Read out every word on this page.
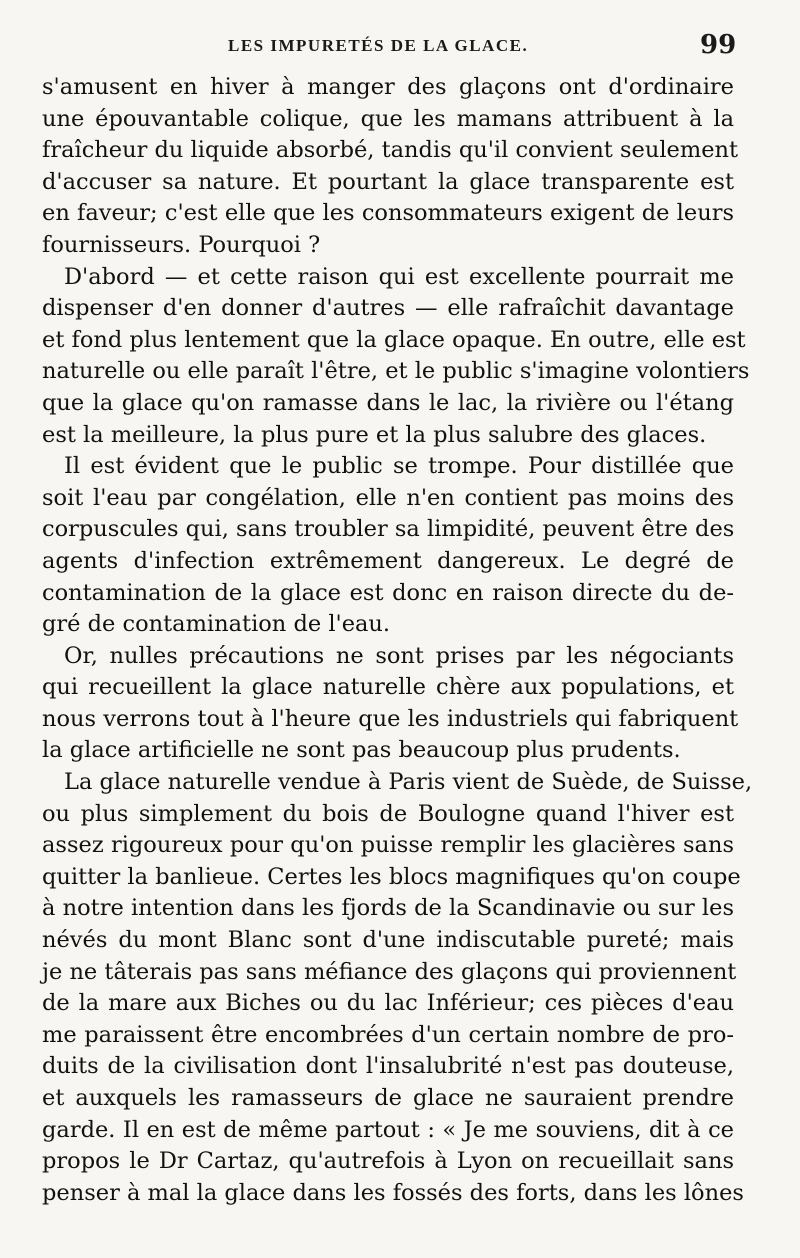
LES IMPURETÉS DE LA GLACE.	99
s'amusent en hiver à manger des glaçons ont d'ordinaire
une épouvantable colique, que les mamans attribuent à la
fraîcheur du liquide absorbé, tandis qu'il convient seulement
d'accuser sa nature. Et pourtant la glace transparente est
en faveur; c'est elle que les consommateurs exigent de leurs
fournisseurs. Pourquoi ?
D'abord — et cette raison qui est excellente pourrait me
dispenser d'en donner d'autres — elle rafraîchit davantage
et fond plus lentement que la glace opaque. En outre, elle est
naturelle ou elle paraît l'être, et le public s'imagine volontiers
que la glace qu'on ramasse dans le lac, la rivière ou l'étang
est la meilleure, la plus pure et la plus salubre des glaces.
Il est évident que le public se trompe. Pour distillée que
soit l'eau par congélation, elle n'en contient pas moins des
corpuscules qui, sans troubler sa limpidité, peuvent être des
agents d'infection extrêmement dangereux. Le degré de
contamination de la glace est donc en raison directe du de-
gré de contamination de l'eau.
Or, nulles précautions ne sont prises par les négociants
qui recueillent la glace naturelle chère aux populations, et
nous verrons tout à l'heure que les industriels qui fabriquent
la glace artificielle ne sont pas beaucoup plus prudents.
La glace naturelle vendue à Paris vient de Suède, de Suisse,
ou plus simplement du bois de Boulogne quand l'hiver est
assez rigoureux pour qu'on puisse remplir les glacières sans
quitter la banlieue. Certes les blocs magnifiques qu'on coupe
à notre intention dans les fjords de la Scandinavie ou sur les
névés du mont Blanc sont d'une indiscutable pureté; mais
je ne tâterais pas sans méfiance des glaçons qui proviennent
de la mare aux Biches ou du lac Inférieur; ces pièces d'eau
me paraissent être encombrées d'un certain nombre de pro-
duits de la civilisation dont l'insalubrité n'est pas douteuse,
et auxquels les ramasseurs de glace ne sauraient prendre
garde. Il en est de même partout : « Je me souviens, dit à ce
propos le Dr Cartaz, qu'autrefois à Lyon on recueillait sans
penser à mal la glace dans les fossés des forts, dans les lônes
